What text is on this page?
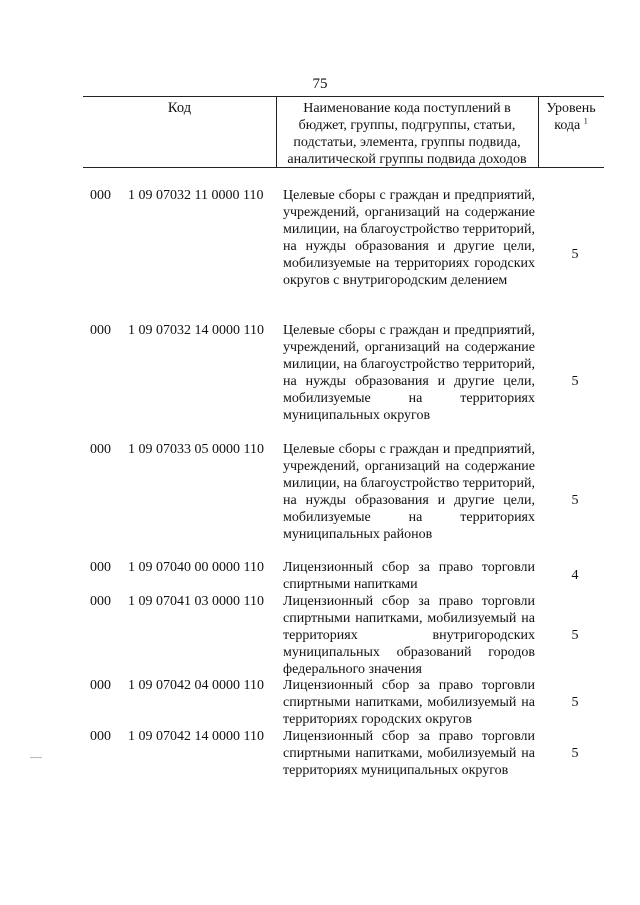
75
Код	Наименование кода поступлений в
бюджет, группы, подгруппы, статьи,
подстатьи, элемента, группы подвида,
аналитической группы подвида доходов
Уровень
кода $^1$
000 1 09 07032 11 0000 110 Целевые сборы с граждан и предприятий, учреждений, организаций на содержание милиции, на благоустройство территорий, на нужды образования и другие цели, мобилизуемые на территориях городских округов с внутригородским делением
5
000 1 09 07032 14 0000 110 Целевые сборы с граждан и предприятий, учреждений, организаций на содержание милиции, на благоустройство территорий, на нужды образования и другие цели, мобилизуемые на территориях муниципальных округов
5
000 1 09 07033 05 0000 110 Целевые сборы с граждан и предприятий, учреждений, организаций на содержание милиции, на благоустройство территорий, на нужды образования и другие цели, мобилизуемые на территориях муниципальных районов
5
000 1 09 07040 00 0000 110 Лицензионный сбор за право торговли спиртными напитками
4
000 1 09 07041 03 0000 110 Лицензионный сбор за право торговли спиртными напитками, мобилизуемый на территориях внутригородских муниципальных образований городов федерального значения
5
000 1 09 07042 04 0000 110 Лицензионный сбор за право торговли спиртными напитками, мобилизуемый на территориях городских округов
5
000 1 09 07042 14 0000 110 Лицензионный сбор за право торговли спиртными напитками, мобилизуемый на территориях муниципальных округов
5
